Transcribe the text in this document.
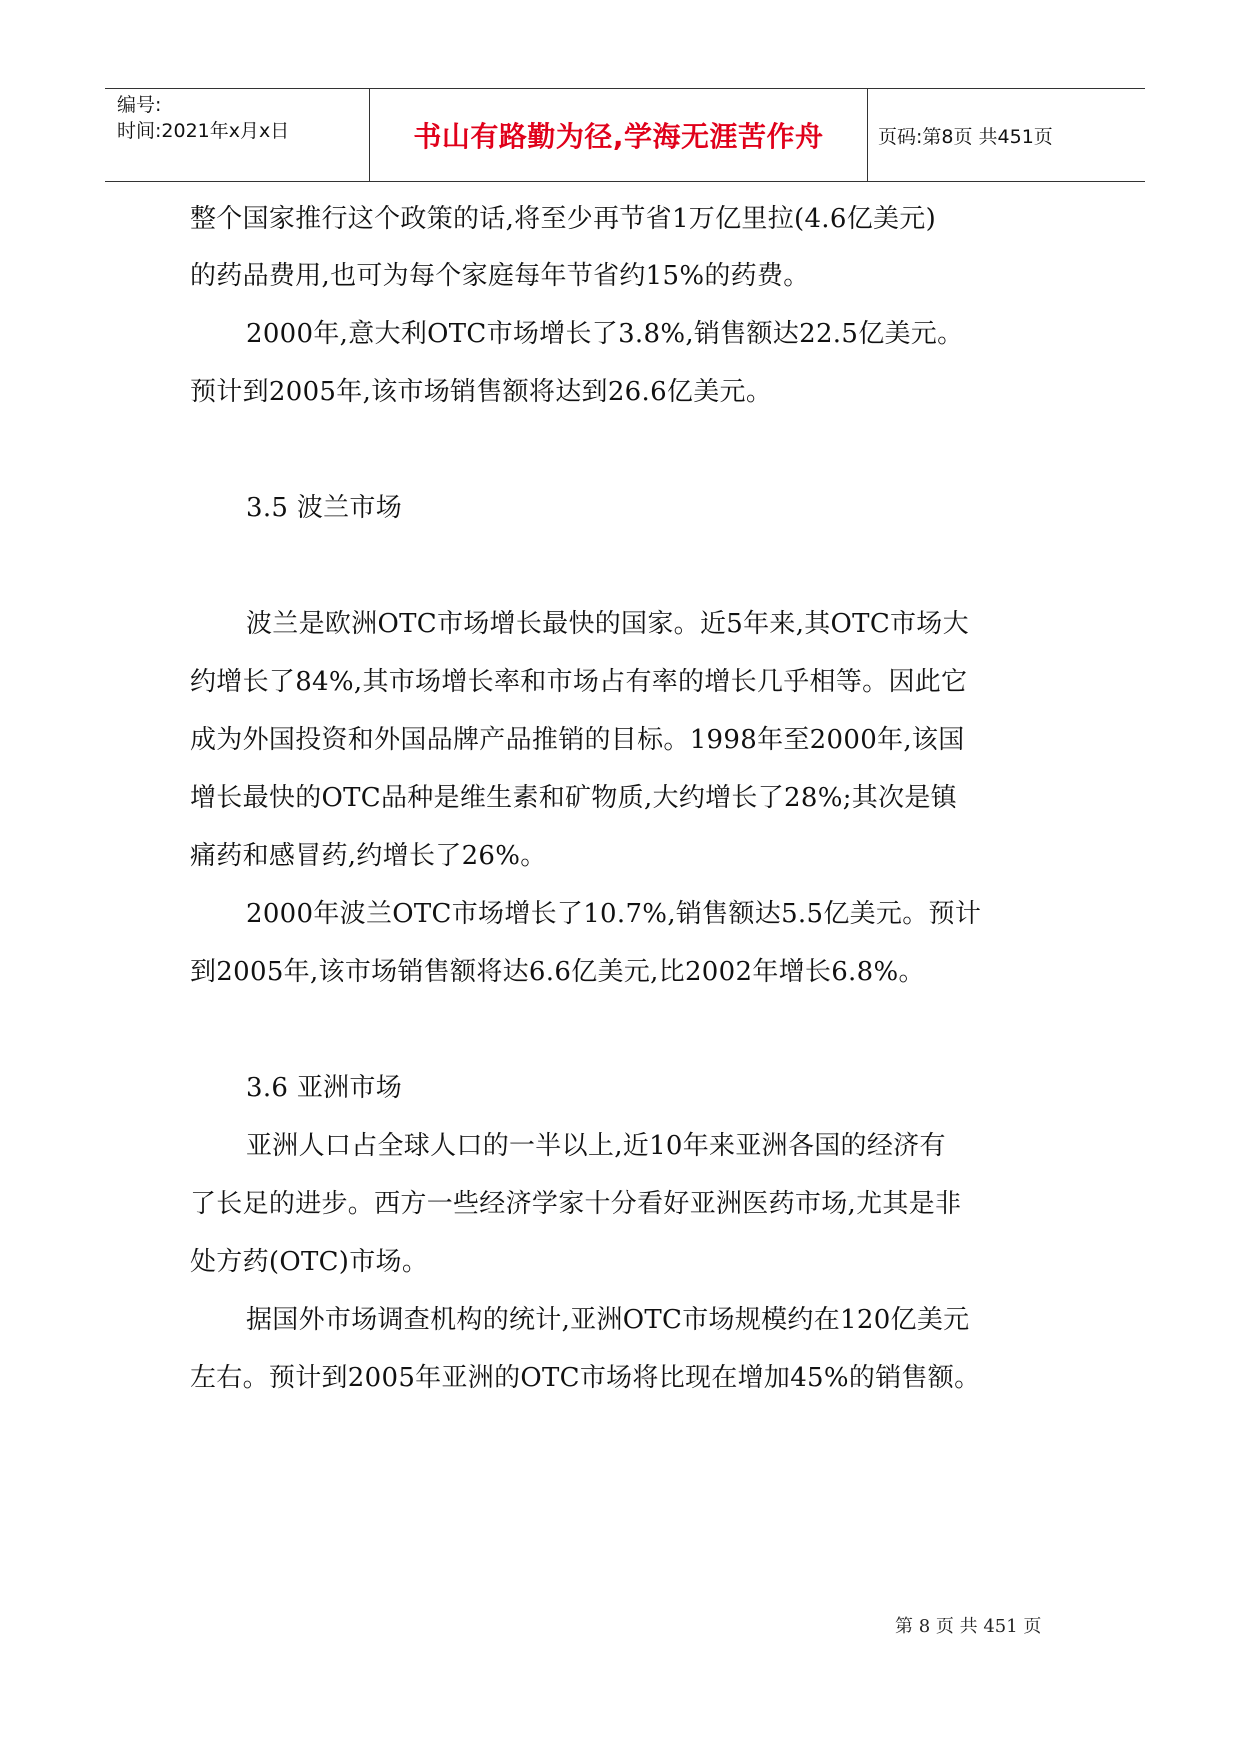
编号:
时间:2021年x月x日	书山有路勤为径,学海无涯苦作舟	页码:第8页 共451页
整个国家推行这个政策的话,将至少再节省1万亿里拉(4.6亿美元)
的药品费用,也可为每个家庭每年节省约15%的药费。
2000年,意大利OTC市场增长了3.8%,销售额达22.5亿美元。
预计到2005年,该市场销售额将达到26.6亿美元。
3.5 波兰市场
波兰是欧洲OTC市场增长最快的国家。近5年来,其OTC市场大
约增长了84%,其市场增长率和市场占有率的增长几乎相等。因此它
成为外国投资和外国品牌产品推销的目标。1998年至2000年,该国
增长最快的OTC品种是维生素和矿物质,大约增长了28%;其次是镇
痛药和感冒药,约增长了26%。
2000年波兰OTC市场增长了10.7%,销售额达5.5亿美元。预计
到2005年,该市场销售额将达6.6亿美元,比2002年增长6.8%。
3.6 亚洲市场
亚洲人口占全球人口的一半以上,近10年来亚洲各国的经济有
了长足的进步。西方一些经济学家十分看好亚洲医药市场,尤其是非
处方药(OTC)市场。
据国外市场调查机构的统计,亚洲OTC市场规模约在120亿美元
左右。预计到2005年亚洲的OTC市场将比现在增加45%的销售额。
第 8 页 共 451 页
